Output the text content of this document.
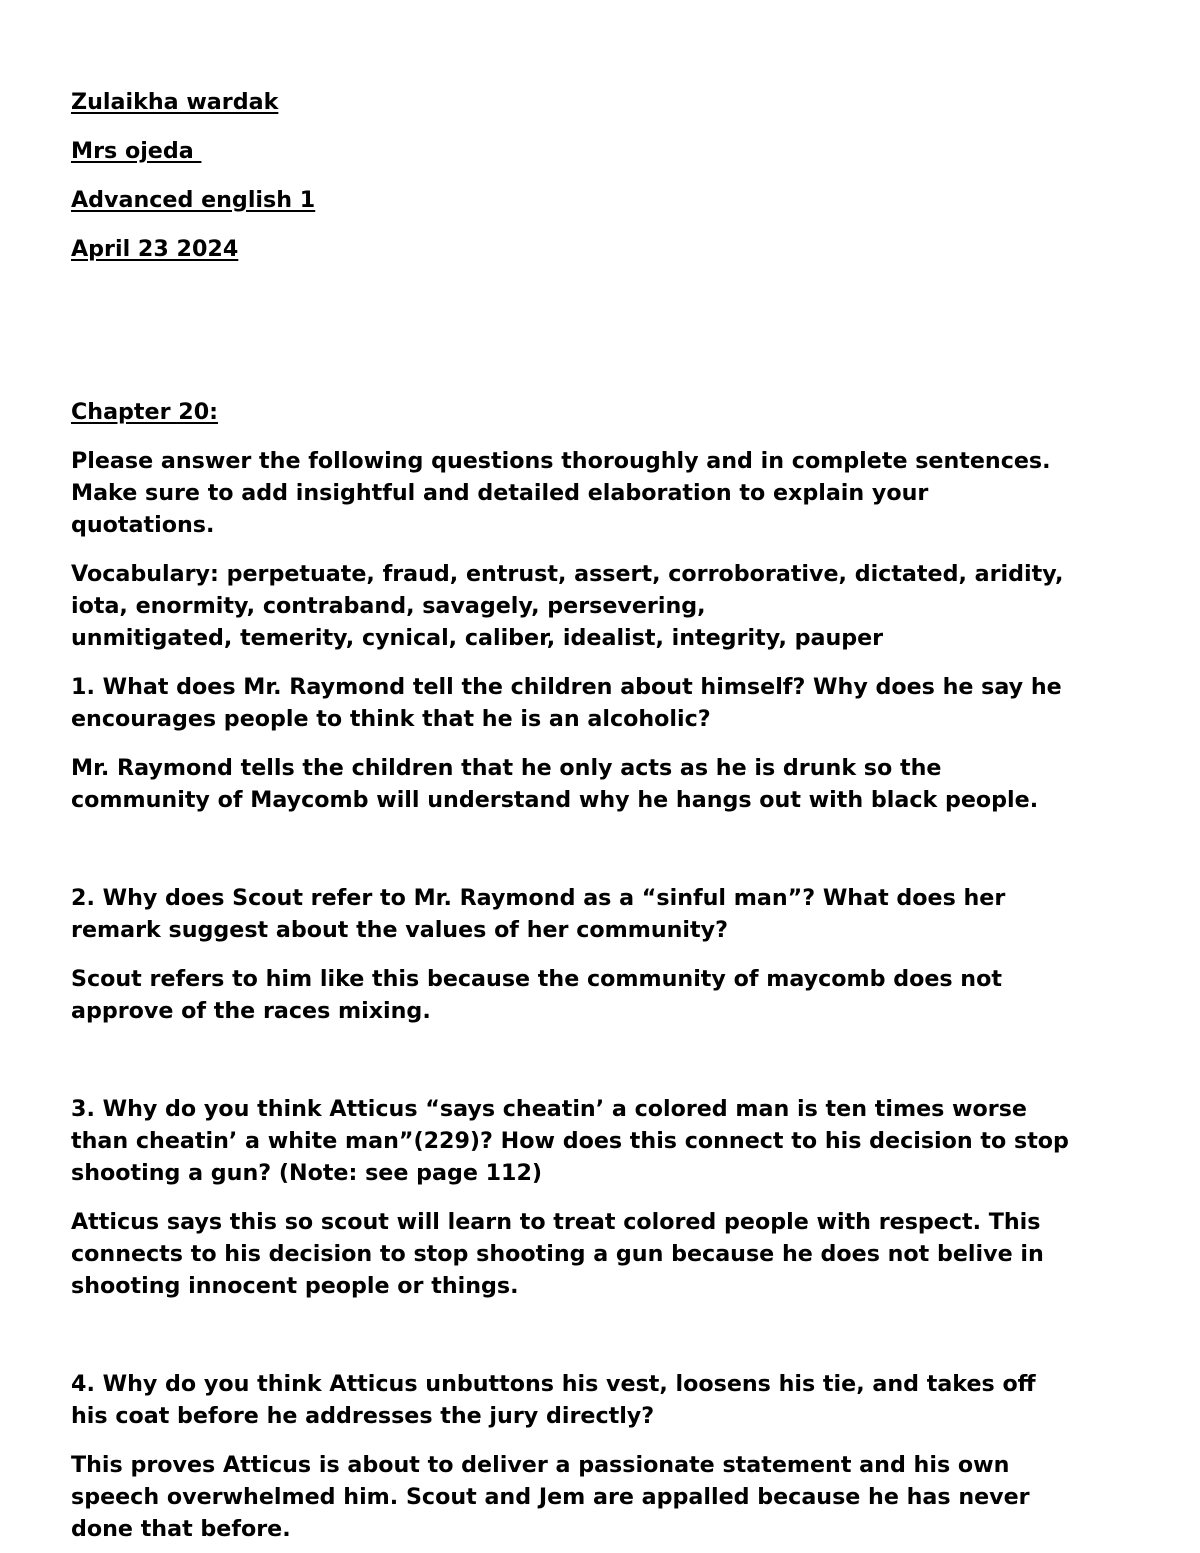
Zulaikha wardak
Mrs ojeda
Advanced english 1
April 23 2024
Chapter 20:
Please answer the following questions thoroughly and in complete sentences.
Make sure to add insightful and detailed elaboration to explain your
quotations.
Vocabulary: perpetuate, fraud, entrust, assert, corroborative, dictated, aridity,
iota, enormity, contraband, savagely, persevering,
unmitigated, temerity, cynical, caliber, idealist, integrity, pauper
1. What does Mr. Raymond tell the children about himself? Why does he say he
encourages people to think that he is an alcoholic?
Mr. Raymond tells the children that he only acts as he is drunk so the
community of Maycomb will understand why he hangs out with black people.
2. Why does Scout refer to Mr. Raymond as a “sinful man”? What does her
remark suggest about the values of her community?
Scout refers to him like this because the community of maycomb does not
approve of the races mixing.
3. Why do you think Atticus “says cheatin’ a colored man is ten times worse
than cheatin’ a white man”(229)? How does this connect to his decision to stop
shooting a gun? (Note: see page 112)
Atticus says this so scout will learn to treat colored people with respect. This
connects to his decision to stop shooting a gun because he does not belive in
shooting innocent people or things.
4. Why do you think Atticus unbuttons his vest, loosens his tie, and takes off
his coat before he addresses the jury directly?
This proves Atticus is about to deliver a passionate statement and his own
speech overwhelmed him. Scout and Jem are appalled because he has never
done that before.
